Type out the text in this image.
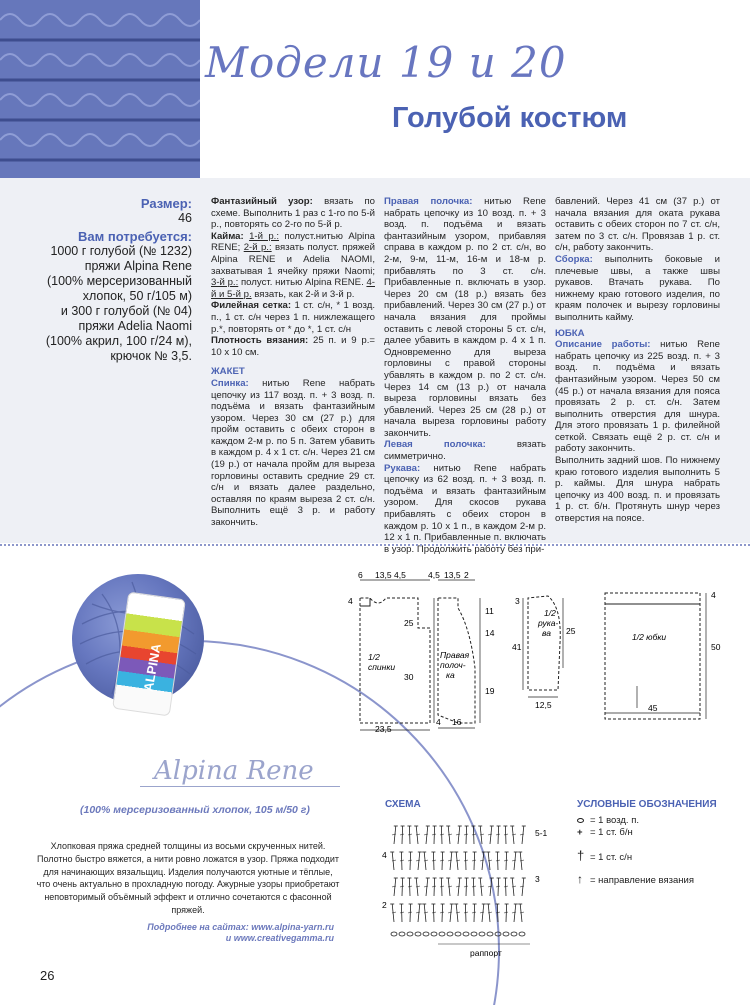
Модели 19 и 20
Голубой костюм
Размер:
46
Вам потребуется:
1000 г голубой (№ 1232)
пряжи Alpina Rene
(100% мерсеризованный
хлопок, 50 г/105 м)
и 300 г голубой (№ 04)
пряжи Adelia Naomi
(100% акрил, 100 г/24 м),
крючок № 3,5.

Фантазийный узор: вязать по схеме. Выполнить 1 раз с 1-го по 5-й р., повторять со 2-го по 5-й р.

Кайма: 1-й р.: полуст.нитью Alpina RENE; 2-й р.: вязать полуст. пряжей Alpina RENE и Adelia NAOMI, захватывая 1 ячейку пряжи Naomi; 3-й р.: полуст. нитью Alpina RENE. 4-й и 5-й р. вязать, как 2-й и 3-й р.

Филейная сетка: 1 ст. с/н, * 1 возд. п., 1 ст. с/н через 1 п. нижлежащего р.*, повторять от * до *, 1 ст. с/н

Плотность вязания: 25 п. и 9 р.= 10 х 10 см.

ЖАКЕТ

Спинка: нитью Rene набрать цепочку из 117 возд. п. + 3 возд. п. подъёма и вязать фантазийным узором. Через 30 см (27 р.) для пройм оставить с обеих сторон в каждом 2-м р. по 5 п. Затем убавить в каждом р. 4 х 1 ст. с/н. Через 21 см (19 р.) от начала пройм для выреза горловины оставить средние 29 ст. с/н и вязать далее раздельно, оставляя по краям выреза 2 ст. с/н. Выполнить ещё 3 р. и работу закончить.

Правая полочка: нитью Rene набрать цепочку из 10 возд. п. + 3 возд. п. подъёма и вязать фантазийным узором, прибавляя справа в каждом р. по 2 ст. с/н, во 2-м, 9-м, 11-м, 16-м и 18-м р. прибавлять по 3 ст. с/н. Прибавленные п. включать в узор. Через 20 см (18 р.) вязать без прибавлений. Через 30 см (27 р.) от начала вязания для проймы оставить с левой стороны 5 ст. с/н, далее убавить в каждом р. 4 х 1 п. Одновременно для выреза горловины с правой стороны убавлять в каждом р. по 2 ст. с/н. Через 14 см (13 р.) от начала выреза горловины вязать без убавлений. Через 25 см (28 р.) от начала выреза горловины работу закончить.

Левая полочка: вязать симметрично.

Рукава: нитью Rene набрать цепочку из 62 возд. п. + 3 возд. п. подъёма и вязать фантазийным узором. Для скосов рукава прибавлять с обеих сторон в каждом р. 10 х 1 п., в каждом 2-м р. 12 х 1 п. Прибавленные п. включать в узор. Продолжить работу без при-

бавлений. Через 41 см (37 р.) от начала вязания для оката рукава оставить с обеих сторон по 7 ст. с/н, затем по 3 ст. с/н. Провязав 1 р. ст. с/н, работу закончить.

Сборка: выполнить боковые и плечевые швы, а также швы рукавов. Втачать рукава. По нижнему краю готового изделия, по краям полочек и вырезу горловины выполнить кайму.

ЮБКА

Описание работы: нитью Rene набрать цепочку из 225 возд. п. + 3 возд. п. подъёма и вязать фантазийным узором. Через 50 см (45 р.) от начала вязания для пояса провязать 2 р. ст. с/н. Затем выполнить отверстия для шнура. Для этого провязать 1 р. филейной сеткой. Связать ещё 2 р. ст. с/н и работу закончить.

Выполнить задний шов. По нижнему краю готового изделия выполнить 5 р. каймы. Для шнура набрать цепочку из 400 возд. п. и провязать 1 р. ст. б/н. Протянуть шнур через отверстия на поясе.

ALPINA
Alpina Rene
(100% мерсеризованный хлопок, 105 м/50 г)
Хлопковая пряжа средней толщины из восьми скрученных нитей. Полотно быстро вяжется, а нити ровно ложатся в узор. Пряжа подходит для начинающих вязальщиц. Изделия получаются уютные и тёплые, что очень актуально в прохладную погоду. Ажурные узоры приобретают неповторимый объёмный эффект и отлично сочетаются с фасонной пряжей.
Подробнее на сайтах: www.alpina-yarn.ru
и www.creativegamma.ru
26
6 13,5 4,5
4
25
30
23,5
1/2
спинки
4,5 13,5 2
11
14
19
4 16
Правая
полоч-
ка
3
41
25
12,5
1/2
рука-
ва
4
50
45
1/2 юбки
СХЕМА
5-1
4
3
2
раппорт
УСЛОВНЫЕ ОБОЗНАЧЕНИЯ
= 1 возд. п.
+ = 1 ст. б/н
† = 1 ст. с/н
↑ = направление вязания
